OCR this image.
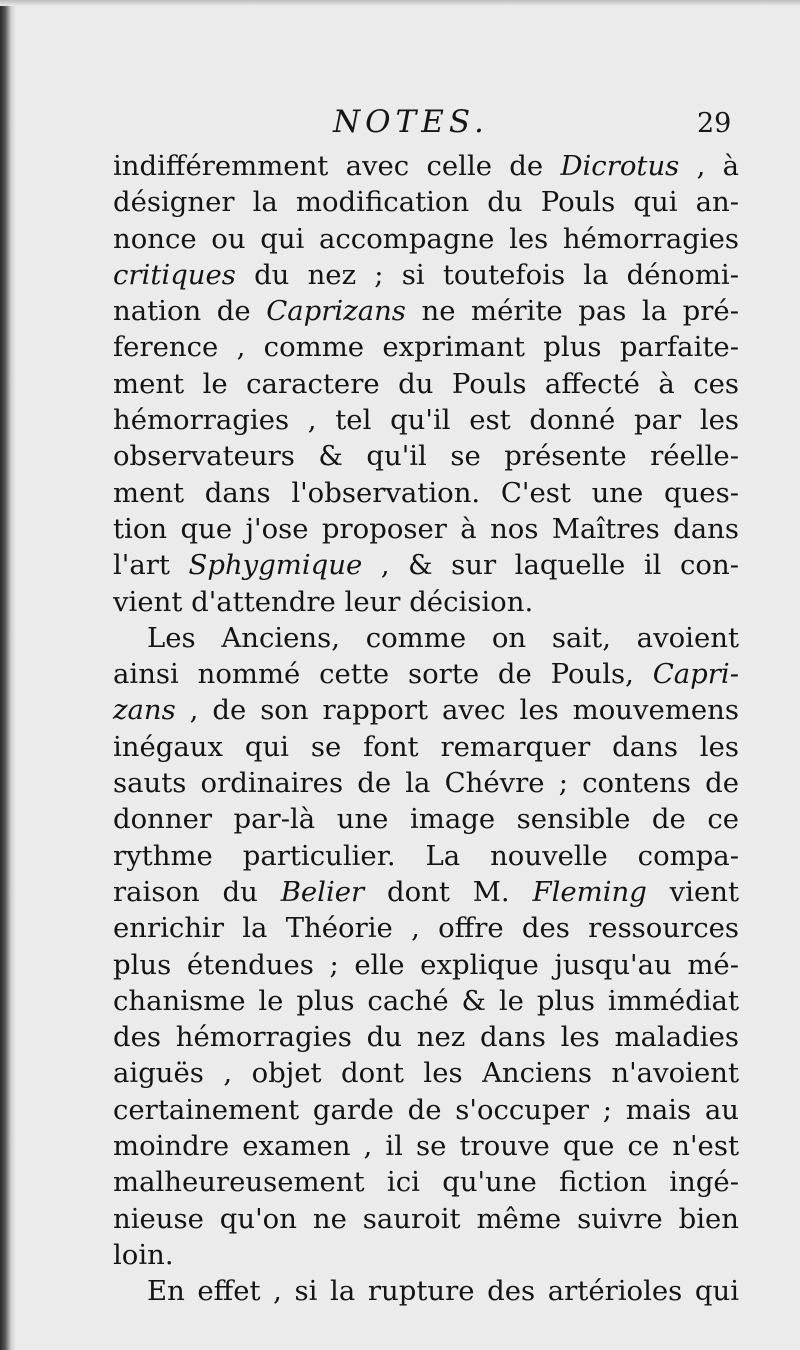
NOTES.	29
indifféremment avec celle de Dicrotus , à
désigner la modification du Pouls qui an-
nonce ou qui accompagne les hémorragies
critiques du nez ; si toutefois la dénomi-
nation de Caprizans ne mérite pas la pré-
ference , comme exprimant plus parfaite-
ment le caractere du Pouls affecté à ces
hémorragies , tel qu'il est donné par les
observateurs & qu'il se présente réelle-
ment dans l'observation. C'est une ques-
tion que j'ose proposer à nos Maîtres dans
l'art Sphygmique , & sur laquelle il con-
vient d'attendre leur décision.
Les Anciens, comme on sait, avoient
ainsi nommé cette sorte de Pouls, Capri-
zans , de son rapport avec les mouvemens
inégaux qui se font remarquer dans les
sauts ordinaires de la Chévre ; contens de
donner par-là une image sensible de ce
rythme particulier. La nouvelle compa-
raison du Belier dont M. Fleming vient
enrichir la Théorie , offre des ressources
plus étendues ; elle explique jusqu'au mé-
chanisme le plus caché & le plus immédiat
des hémorragies du nez dans les maladies
aiguës , objet dont les Anciens n'avoient
certainement garde de s'occuper ; mais au
moindre examen , il se trouve que ce n'est
malheureusement ici qu'une fiction ingé-
nieuse qu'on ne sauroit même suivre bien
loin.
En effet , si la rupture des artérioles qui
